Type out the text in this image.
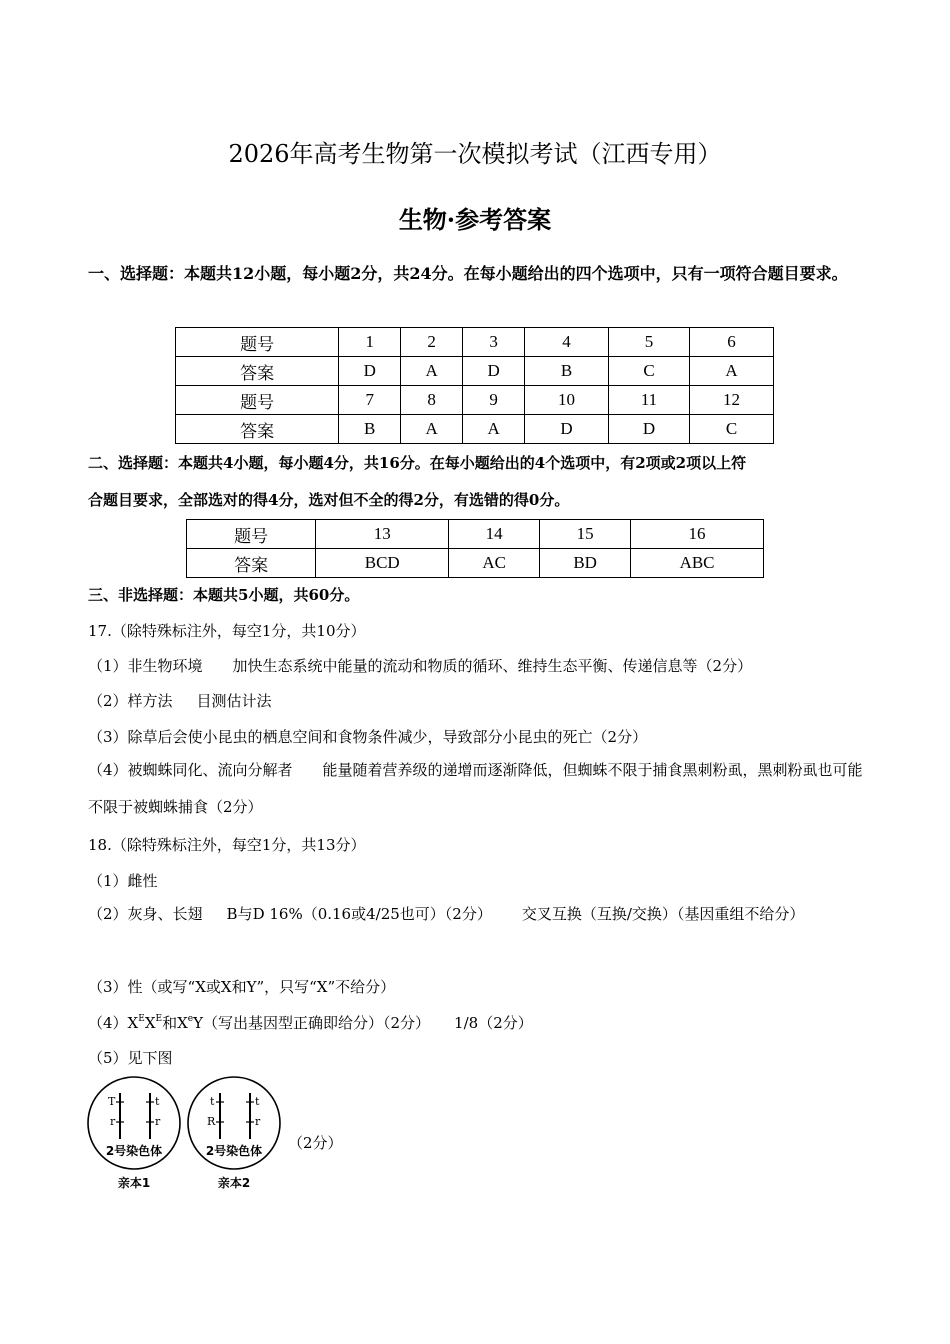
2026年高考生物第一次模拟考试（江西专用）
生物·参考答案
一、选择题：本题共12小题，每小题2分，共24分。在每小题给出的四个选项中，只有一项符合题目要求。
题号	1	2	3	4	5	6
答案	D	A	D	B	C	A
题号	7	8	9	10	11	12
答案	B	A	A	D	D	C
二、选择题：本题共4小题，每小题4分，共16分。在每小题给出的4个选项中，有2项或2项以上符
合题目要求，全部选对的得4分，选对但不全的得2分，有选错的得0分。
题号	13	14	15	16
答案	BCD	AC	BD	ABC
三、非选择题：本题共5小题，共60分。
17.（除特殊标注外，每空1分，共10分）
（1）非生物环境 加快生态系统中能量的流动和物质的循环、维持生态平衡、传递信息等（2分）
（2）样方法 目测估计法
（3）除草后会使小昆虫的栖息空间和食物条件减少，导致部分小昆虫的死亡（2分）
（4）被蜘蛛同化、流向分解者 能量随着营养级的递增而逐渐降低，但蜘蛛不限于捕食黑刺粉虱，黑刺粉虱也可能不限于被蜘蛛捕食（2分）
18.（除特殊标注外，每空1分，共13分）
（1）雌性
（2）灰身、长翅 B与D 16%（0.16或4/25也可）（2分） 交叉互换（互换/交换）（基因重组不给分）
（3）性（或写“X或X和Y”，只写“X”不给分）
$(4)X^EX^E$和XeY（写出基因型正确即给分）（2分） 1/8（2分）
（5）见下图
T
r
t
r
2号染色体
亲本1
t
R
t
r
2号染色体
亲本2
（2分）
